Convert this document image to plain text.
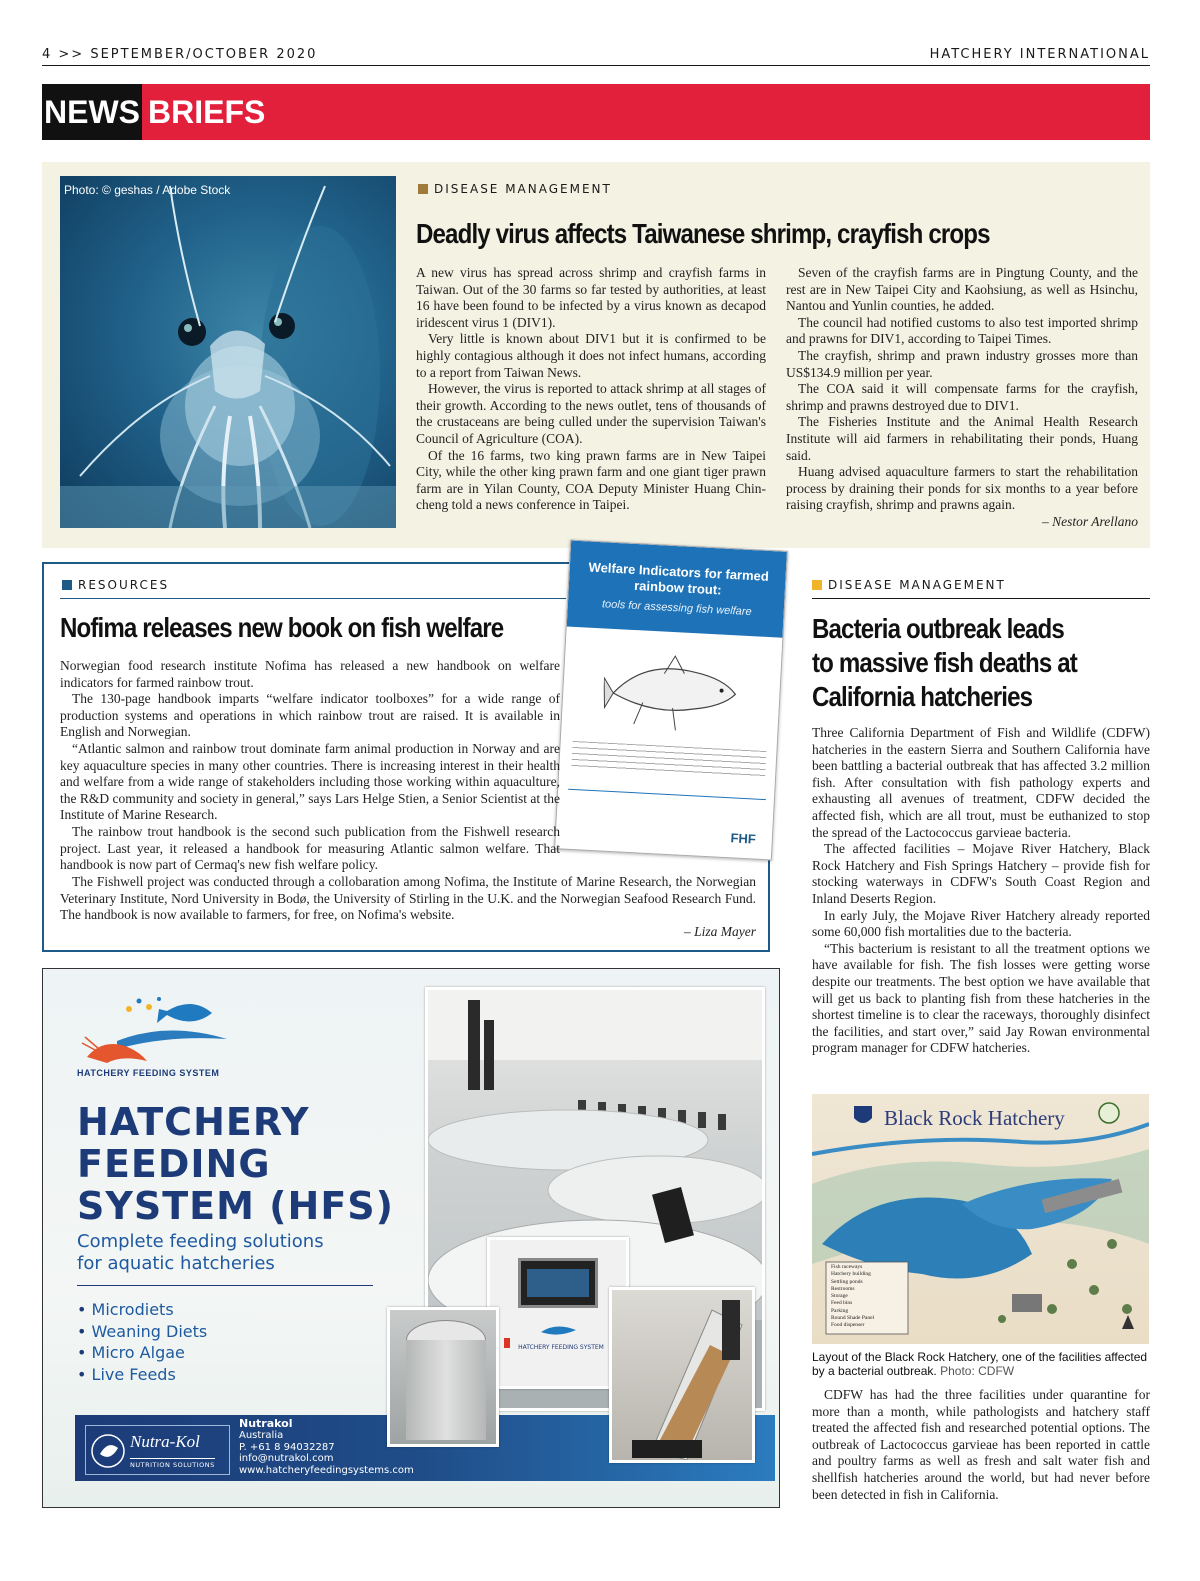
4 >> SEPTEMBER/OCTOBER 2020	HATCHERY INTERNATIONAL
NEWS BRIEFS
Photo: © geshas / Adobe Stock	DISEASE MANAGEMENT
Deadly virus affects Taiwanese shrimp, crayfish crops

A new virus has spread across shrimp and crayfish farms in Taiwan. Out of the 30 farms so far tested by authorities, at least 16 have been found to be infected by a virus known as decapod iridescent virus 1 (DIV1).

Very little is known about DIV1 but it is confirmed to be highly contagious although it does not infect humans, according to a report from Taiwan News.

However, the virus is reported to attack shrimp at all stages of their growth. According to the news outlet, tens of thousands of the crustaceans are being culled under the supervision Taiwan's Council of Agriculture (COA).

Of the 16 farms, two king prawn farms are in New Taipei City, while the other king prawn farm and one giant tiger prawn farm are in Yilan County, COA Deputy Minister Huang Chin-cheng told a news conference in Taipei.

Seven of the crayfish farms are in Pingtung County, and the rest are in New Taipei City and Kaohsiung, as well as Hsinchu, Nantou and Yunlin counties, he added.

The council had notified customs to also test imported shrimp and prawns for DIV1, according to Taipei Times.

The crayfish, shrimp and prawn industry grosses more than US$134.9 million per year.

The COA said it will compensate farms for the crayfish, shrimp and prawns destroyed due to DIV1.

The Fisheries Institute and the Animal Health Research Institute will aid farmers in rehabilitating their ponds, Huang said.

Huang advised aquaculture farmers to start the rehabilitation process by draining their ponds for six months to a year before raising crayfish, shrimp and prawns again.

– Nestor Arellano
RESOURCES
Nofima releases new book on fish welfare
Welfare Indicators for farmed rainbow trout:
tools for assessing fish welfare
FHF

Norwegian food research institute Nofima has released a new handbook on welfare indicators for farmed rainbow trout.

The 130-page handbook imparts “welfare indicator toolboxes” for a wide range of production systems and operations in which rainbow trout are raised. It is available in English and Norwegian.

“Atlantic salmon and rainbow trout dominate farm animal production in Norway and are key aquaculture species in many other countries. There is increasing interest in their health and welfare from a wide range of stakeholders including those working within aquaculture, the R&D community and society in general,” says Lars Helge Stien, a Senior Scientist at the Institute of Marine Research.

The rainbow trout handbook is the second such publication from the Fishwell research project. Last year, it released a handbook for measuring Atlantic salmon welfare. That handbook is now part of Cermaq's new fish welfare policy.

The Fishwell project was conducted through a collobaration among Nofima, the Institute of Marine Research, the Norwegian Veterinary Institute, Nord University in Bodø, the University of Stirling in the U.K. and the Norwegian Seafood Research Fund. The handbook is now available to farmers, for free, on Nofima's website.

– Liza Mayer
HATCHERY FEEDING SYSTEM
HATCHERY
FEEDING
SYSTEM (HFS)
Complete feeding solutions
for aquatic hatcheries
• Microdiets
• Weaning Diets
• Micro Algae
• Live Feeds
Nutra-Kol
NUTRITION SOLUTIONS
Nutrakol
Australia
P. +61 8 94032287
info@nutrakol.com
www.hatcheryfeedingsystems.com
HATCHERY FEEDING SYSTEM
DISEASE MANAGEMENT
Bacteria outbreak leads
to massive fish deaths at
California hatcheries

Three California Department of Fish and Wildlife (CDFW) hatcheries in the eastern Sierra and Southern California have been battling a bacterial outbreak that has affected 3.2 million fish. After consultation with fish pathology experts and exhausting all avenues of treatment, CDFW decided the affected fish, which are all trout, must be euthanized to stop the spread of the Lactococcus garvieae bacteria.

The affected facilities – Mojave River Hatchery, Black Rock Hatchery and Fish Springs Hatchery – provide fish for stocking waterways in CDFW's South Coast Region and Inland Deserts Region.

In early July, the Mojave River Hatchery already reported some 60,000 fish mortalities due to the bacteria.

“This bacterium is resistant to all the treatment options we have available for fish. The fish losses were getting worse despite our treatments. The best option we have available that will get us back to planting fish from these hatcheries in the shortest timeline is to clear the raceways, thoroughly disinfect the facilities, and start over,” said Jay Rowan environmental program manager for CDFW hatcheries.

Black Rock Hatchery
Fish raceways
Hatchery building
Settling ponds
Restrooms
Storage
Feed bins
Parking
Round Shade Panel
Food dispenser
Layout of the Black Rock Hatchery, one of the facilities affected by a bacterial outbreak. Photo: CDFW

CDFW has had the three facilities under quarantine for more than a month, while pathologists and hatchery staff treated the affected fish and researched potential options. The outbreak of Lactococcus garvieae has been reported in cattle and poultry farms as well as fresh and salt water fish and shellfish hatcheries around the world, but had never before been detected in fish in California.
